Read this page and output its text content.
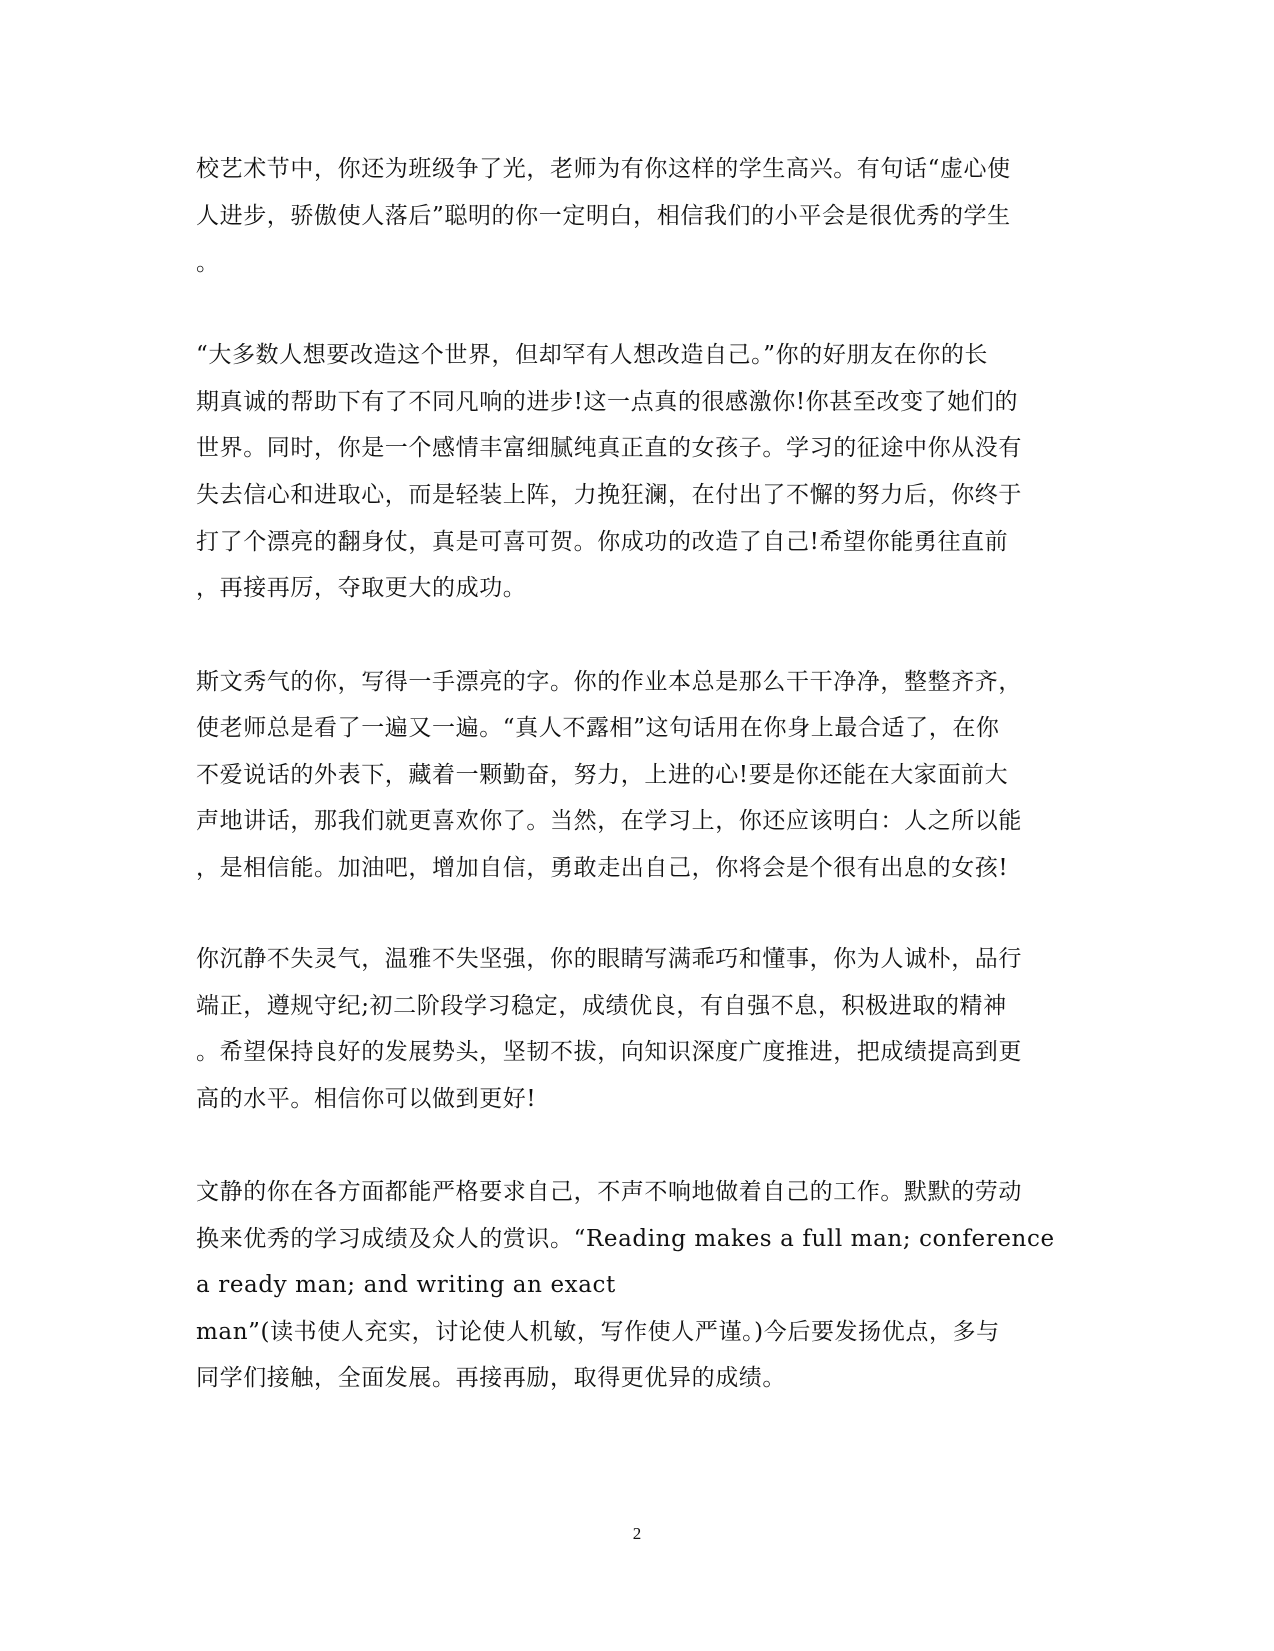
校艺术节中，你还为班级争了光，老师为有你这样的学生高兴。有句话“虚心使
人进步，骄傲使人落后”聪明的你一定明白，相信我们的小平会是很优秀的学生
。
“大多数人想要改造这个世界，但却罕有人想改造自己。”你的好朋友在你的长
期真诚的帮助下有了不同凡响的进步!这一点真的很感激你!你甚至改变了她们的
世界。同时，你是一个感情丰富细腻纯真正直的女孩子。学习的征途中你从没有
失去信心和进取心，而是轻装上阵，力挽狂澜，在付出了不懈的努力后，你终于
打了个漂亮的翻身仗，真是可喜可贺。你成功的改造了自己!希望你能勇往直前
，再接再厉，夺取更大的成功。
斯文秀气的你，写得一手漂亮的字。你的作业本总是那么干干净净，整整齐齐，
使老师总是看了一遍又一遍。“真人不露相”这句话用在你身上最合适了，在你
不爱说话的外表下，藏着一颗勤奋，努力，上进的心!要是你还能在大家面前大
声地讲话，那我们就更喜欢你了。当然，在学习上，你还应该明白：人之所以能
，是相信能。加油吧，增加自信，勇敢走出自己，你将会是个很有出息的女孩!
你沉静不失灵气，温雅不失坚强，你的眼睛写满乖巧和懂事，你为人诚朴，品行
端正，遵规守纪;初二阶段学习稳定，成绩优良，有自强不息，积极进取的精神
。希望保持良好的发展势头，坚韧不拔，向知识深度广度推进，把成绩提高到更
高的水平。相信你可以做到更好!
文静的你在各方面都能严格要求自己，不声不响地做着自己的工作。默默的劳动
换来优秀的学习成绩及众人的赏识。“Reading makes a full man; conference
a ready man; and writing an exact
man”(读书使人充实，讨论使人机敏，写作使人严谨。)今后要发扬优点，多与
同学们接触，全面发展。再接再励，取得更优异的成绩。
2
